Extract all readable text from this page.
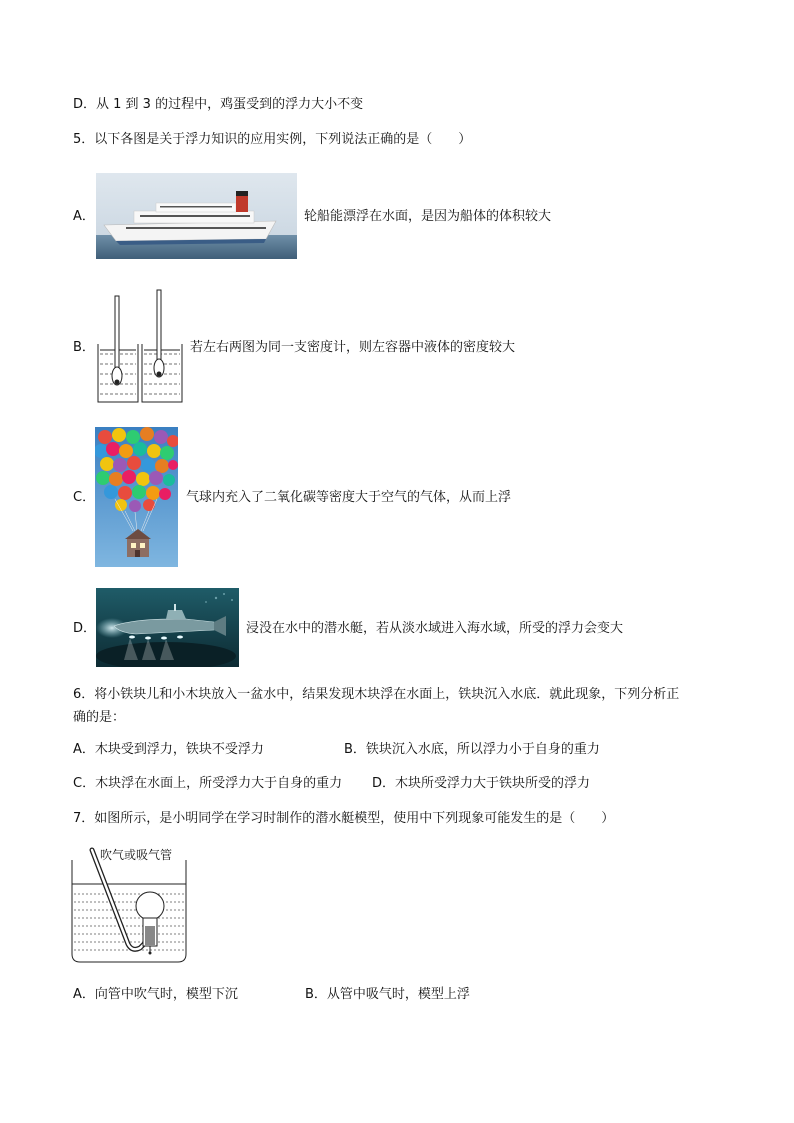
D．从 1 到 3 的过程中，鸡蛋受到的浮力大小不变
5．以下各图是关于浮力知识的应用实例，下列说法正确的是（　　）
A．	轮船能漂浮在水面，是因为船体的体积较大
B．	若左右两图为同一支密度计，则左容器中液体的密度较大
C．	气球内充入了二氧化碳等密度大于空气的气体，从而上浮
D．	浸没在水中的潜水艇，若从淡水域进入海水域，所受的浮力会变大
6．将小铁块儿和小木块放入一盆水中，结果发现木块浮在水面上，铁块沉入水底．就此现象，下列分析正
确的是：
A．木块受到浮力，铁块不受浮力	B．铁块沉入水底，所以浮力小于自身的重力
C．木块浮在水面上，所受浮力大于自身的重力 D．木块所受浮力大于铁块所受的浮力
7．如图所示，是小明同学在学习时制作的潜水艇模型，使用中下列现象可能发生的是（　　）
吹气或吸气管
A．向管中吹气时，模型下沉	B．从管中吸气时，模型上浮
